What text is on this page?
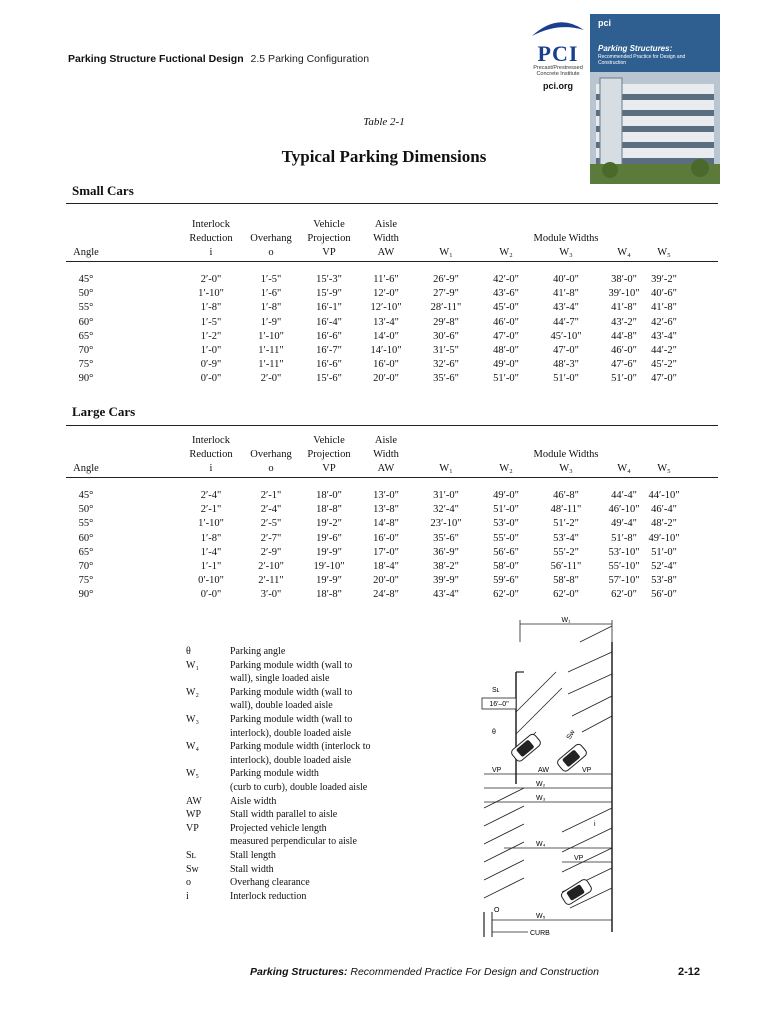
Parking Structure Fuctional Design 2.5 Parking Configuration	PCI
Precast/Prestressed Concrete Institute
pci.org
pci
Parking Structures:
Recommended Practice for Design and Construction
Table 2-1
Typical Parking Dimensions
Small Cars
Angle
Interlock
Reduction
i
Overhang
o
Vehicle
Projection
VP
Aisle
Width
AW
Module Widths
W₁	W₂	W₃	W₄	W₅
45°	2′-0"	1′-5"	15′-3"	11′-6"	26′-9"	42′-0"	40′-0"	38′-0"	39′-2"
50°	1′-10"	1′-6"	15′-9"	12′-0"	27′-9"	43′-6"	41′-8"	39′-10"	40′-6"
55°	1′-8"	1′-8"	16′-1"	12′-10"	28′-11"	45′-0"	43′-4"	41′-8"	41′-8"
60°	1′-5"	1′-9"	16′-4"	13′-4"	29′-8"	46′-0"	44′-7"	43′-2"	42′-6"
65°	1′-2"	1′-10"	16′-6"	14′-0"	30′-6"	47′-0"	45′-10"	44′-8"	43′-4"
70°	1′-0"	1′-11"	16′-7"	14′-10"	31′-5"	48′-0"	47′-0"	46′-0"	44′-2"
75°	0′-9"	1′-11"	16′-6"	16′-0"	32′-6"	49′-0"	48′-3"	47′-6"	45′-2"
90°	0′-0"	2′-0"	15′-6"	20′-0"	35′-6"	51′-0"	51′-0"	51′-0"	47′-0"
Large Cars
Angle
Interlock
Reduction
i
Overhang
o
Vehicle
Projection
VP
Aisle
Width
AW
Module Widths
W₁	W₂	W₃	W₄	W₅
45°	2′-4"	2′-1"	18′-0"	13′-0"	31′-0"	49′-0"	46′-8"	44′-4"	44′-10"
50°	2′-1"	2′-4"	18′-8"	13′-8"	32′-4"	51′-0"	48′-11"	46′-10"	46′-4"
55°	1′-10"	2′-5"	19′-2"	14′-8"	23′-10"	53′-0"	51′-2"	49′-4"	48′-2"
60°	1′-8"	2′-7"	19′-6"	16′-0"	35′-6"	55′-0"	53′-4"	51′-8"	49′-10"
65°	1′-4"	2′-9"	19′-9"	17′-0"	36′-9"	56′-6"	55′-2"	53′-10"	51′-0"
70°	1′-1"	2′-10"	19′-10"	18′-4"	38′-2"	58′-0"	56′-11"	55′-10"	52′-4"
75°	0′-10"	2′-11"	19′-9"	20′-0"	39′-9"	59′-6"	58′-8"	57′-10"	53′-8"
90°	0′-0"	3′-0"	18′-8"	24′-8"	43′-4"	62′-0"	62′-0"	62′-0"	56′-0"
θ	Parking angle
W₁	Parking module width (wall to
wall), single loaded aisle
W₂	Parking module width (wall to
wall), double loaded aisle
W₃	Parking module width (wall to
interlock), double loaded aisle
W₄	Parking module width (interlock to
interlock), double loaded aisle
W₅	Parking module width
(curb to curb), double loaded aisle
AW	Aisle width
WP	Stall width parallel to aisle
VP	Projected vehicle length
measured perpendicular to aisle
Sʟ	Stall length
Sw	Stall width
o	Overhang clearance
i	Interlock reduction
W₁
Sʟ
16′–0"
θ	Sw
VP	AW	VP
W₂
W₃
i
W₄
VP
O
W₅
CURB
Parking Structures: Recommended Practice For Design and Construction	2-12
